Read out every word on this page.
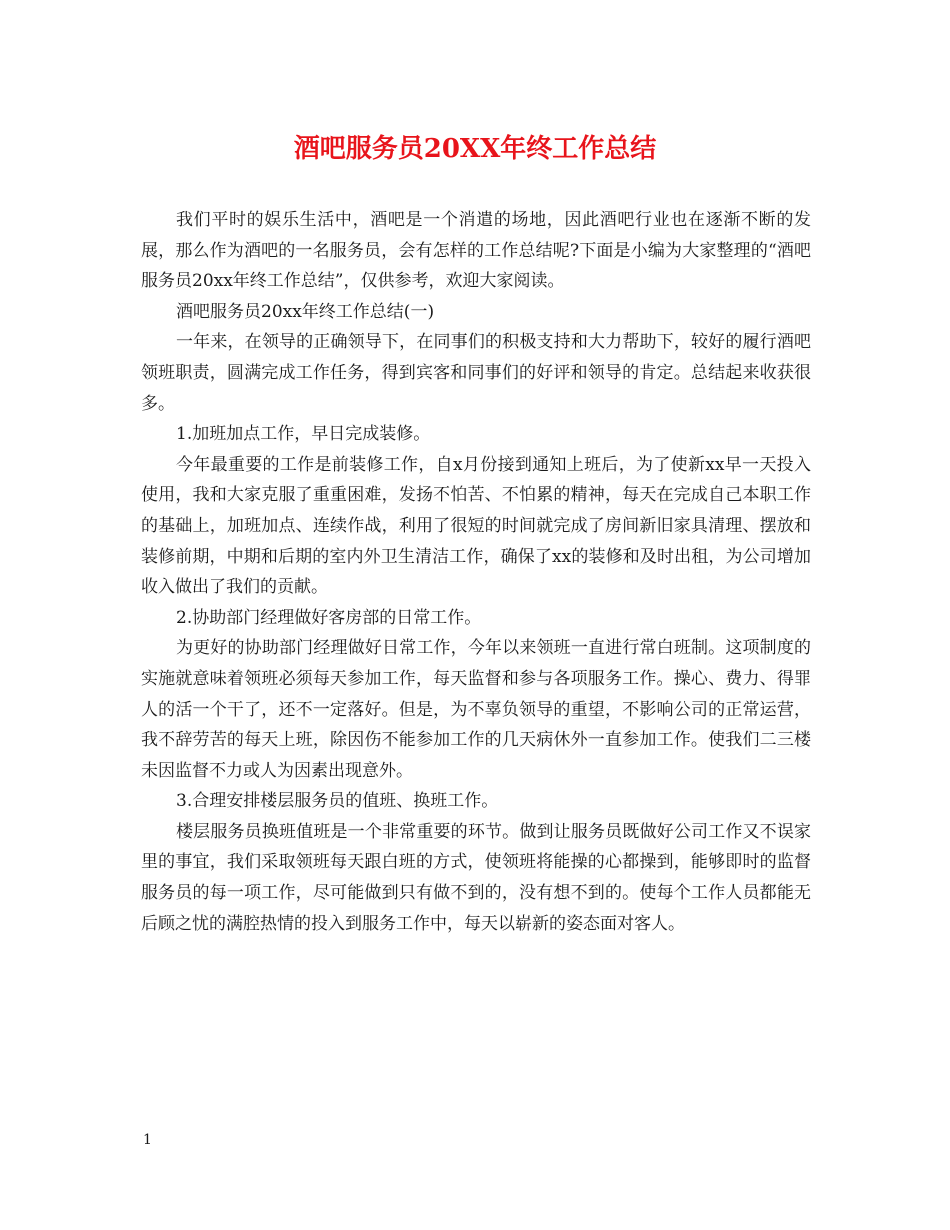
酒吧服务员20XX年终工作总结

我们平时的娱乐生活中，酒吧是一个消遣的场地，因此酒吧行业也在逐渐不断的发展，那么作为酒吧的一名服务员，会有怎样的工作总结呢?下面是小编为大家整理的“酒吧服务员20xx年终工作总结”，仅供参考，欢迎大家阅读。

酒吧服务员20xx年终工作总结(一)

一年来，在领导的正确领导下，在同事们的积极支持和大力帮助下，较好的履行酒吧领班职责，圆满完成工作任务，得到宾客和同事们的好评和领导的肯定。总结起来收获很多。

1.加班加点工作，早日完成装修。

今年最重要的工作是前装修工作，自x月份接到通知上班后，为了使新xx早一天投入使用，我和大家克服了重重困难，发扬不怕苦、不怕累的精神，每天在完成自己本职工作的基础上，加班加点、连续作战，利用了很短的时间就完成了房间新旧家具清理、摆放和装修前期，中期和后期的室内外卫生清洁工作，确保了xx的装修和及时出租，为公司增加收入做出了我们的贡献。

2.协助部门经理做好客房部的日常工作。

为更好的协助部门经理做好日常工作，今年以来领班一直进行常白班制。这项制度的实施就意味着领班必须每天参加工作，每天监督和参与各项服务工作。操心、费力、得罪人的活一个干了，还不一定落好。但是，为不辜负领导的重望，不影响公司的正常运营，我不辞劳苦的每天上班，除因伤不能参加工作的几天病休外一直参加工作。使我们二三楼未因监督不力或人为因素出现意外。

3.合理安排楼层服务员的值班、换班工作。

楼层服务员换班值班是一个非常重要的环节。做到让服务员既做好公司工作又不误家里的事宜，我们采取领班每天跟白班的方式，使领班将能操的心都操到，能够即时的监督服务员的每一项工作，尽可能做到只有做不到的，没有想不到的。使每个工作人员都能无后顾之忧的满腔热情的投入到服务工作中，每天以崭新的姿态面对客人。

1
